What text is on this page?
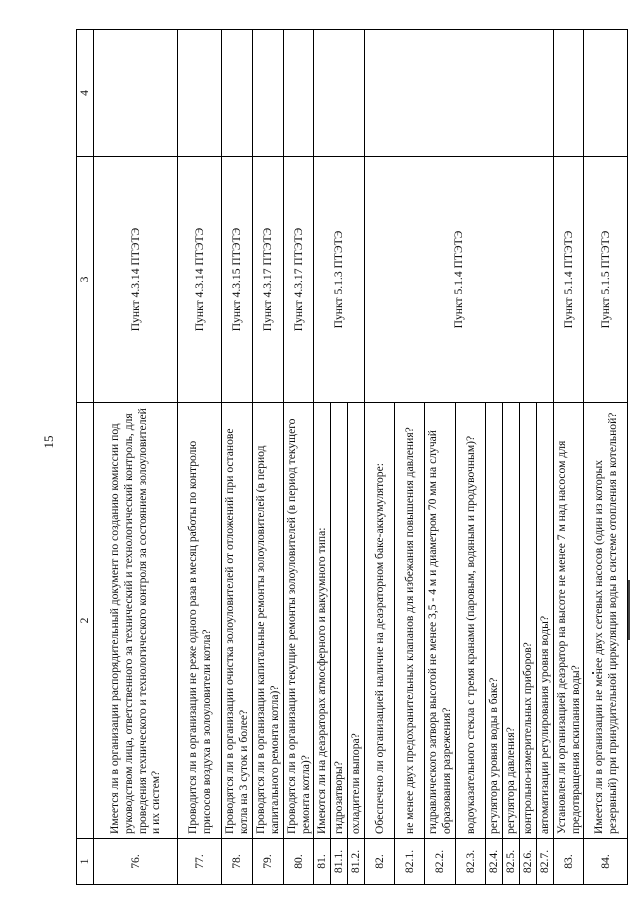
15
1	2	3	4
76.	Имеется ли в организации распорядительный документ по созданию комиссии под руководством лица, ответственного за технический и технологический контроль, для проведения технического и технологического контроля за состоянием золоуловителей и их систем?	Пункт 4.3.14 ПТЭТЭ	
77.	Проводится ли в организации не реже одного раза в месяц работы по контролю присосов воздуха в золоуловители котла?	Пункт 4.3.14 ПТЭТЭ	
78.	Проводятся ли в организации очистка золоуловителей от отложений при останове котла на 3 суток и более?	Пункт 4.3.15 ПТЭТЭ	
79.	Проводятся ли в организации капитальные ремонты золоуловителей (в период капитального ремонта котла)?	Пункт 4.3.17 ПТЭТЭ	
80.	Проводятся ли в организации текущие ремонты золоуловителей (в период текущего ремонта котла)?	Пункт 4.3.17 ПТЭТЭ	
81.	Имеются ли на деаэраторах атмосферного и вакуумного типа:	Пункт 5.1.3 ПТЭТЭ	
81.1.	гидрозатворы?		
81.2.	охладители выпора?		
82.	Обеспечено ли организацией наличие на деаэраторном баке-аккумуляторе:	Пункт 5.1.4 ПТЭТЭ	
82.1.	не менее двух предохранительных клапанов для избежания повышения давления?		
82.2.	гидравлического затвора высотой не менее 3,5 - 4 м и диаметром 70 мм на случай образования разрежения?		
82.3.	водоуказательного стекла с тремя кранами (паровым, водяным и продувочным)?		
82.4.	регулятора уровня воды в баке?		
82.5.	регулятора давления?		
82.6.	контрольно-измерительных приборов?		
82.7.	автоматизации регулирования уровня воды?		
83.	Установлен ли организацией деаэратор на высоте не менее 7 м над насосом для предотвращения вскипания воды?	Пункт 5.1.4 ПТЭТЭ	
84.	Имеется ли в организации не менее двух сетевых насосов (один из которых резервный) при принудительной циркуляции воды в системе отопления в котельной?	Пункт 5.1.5 ПТЭТЭ	
